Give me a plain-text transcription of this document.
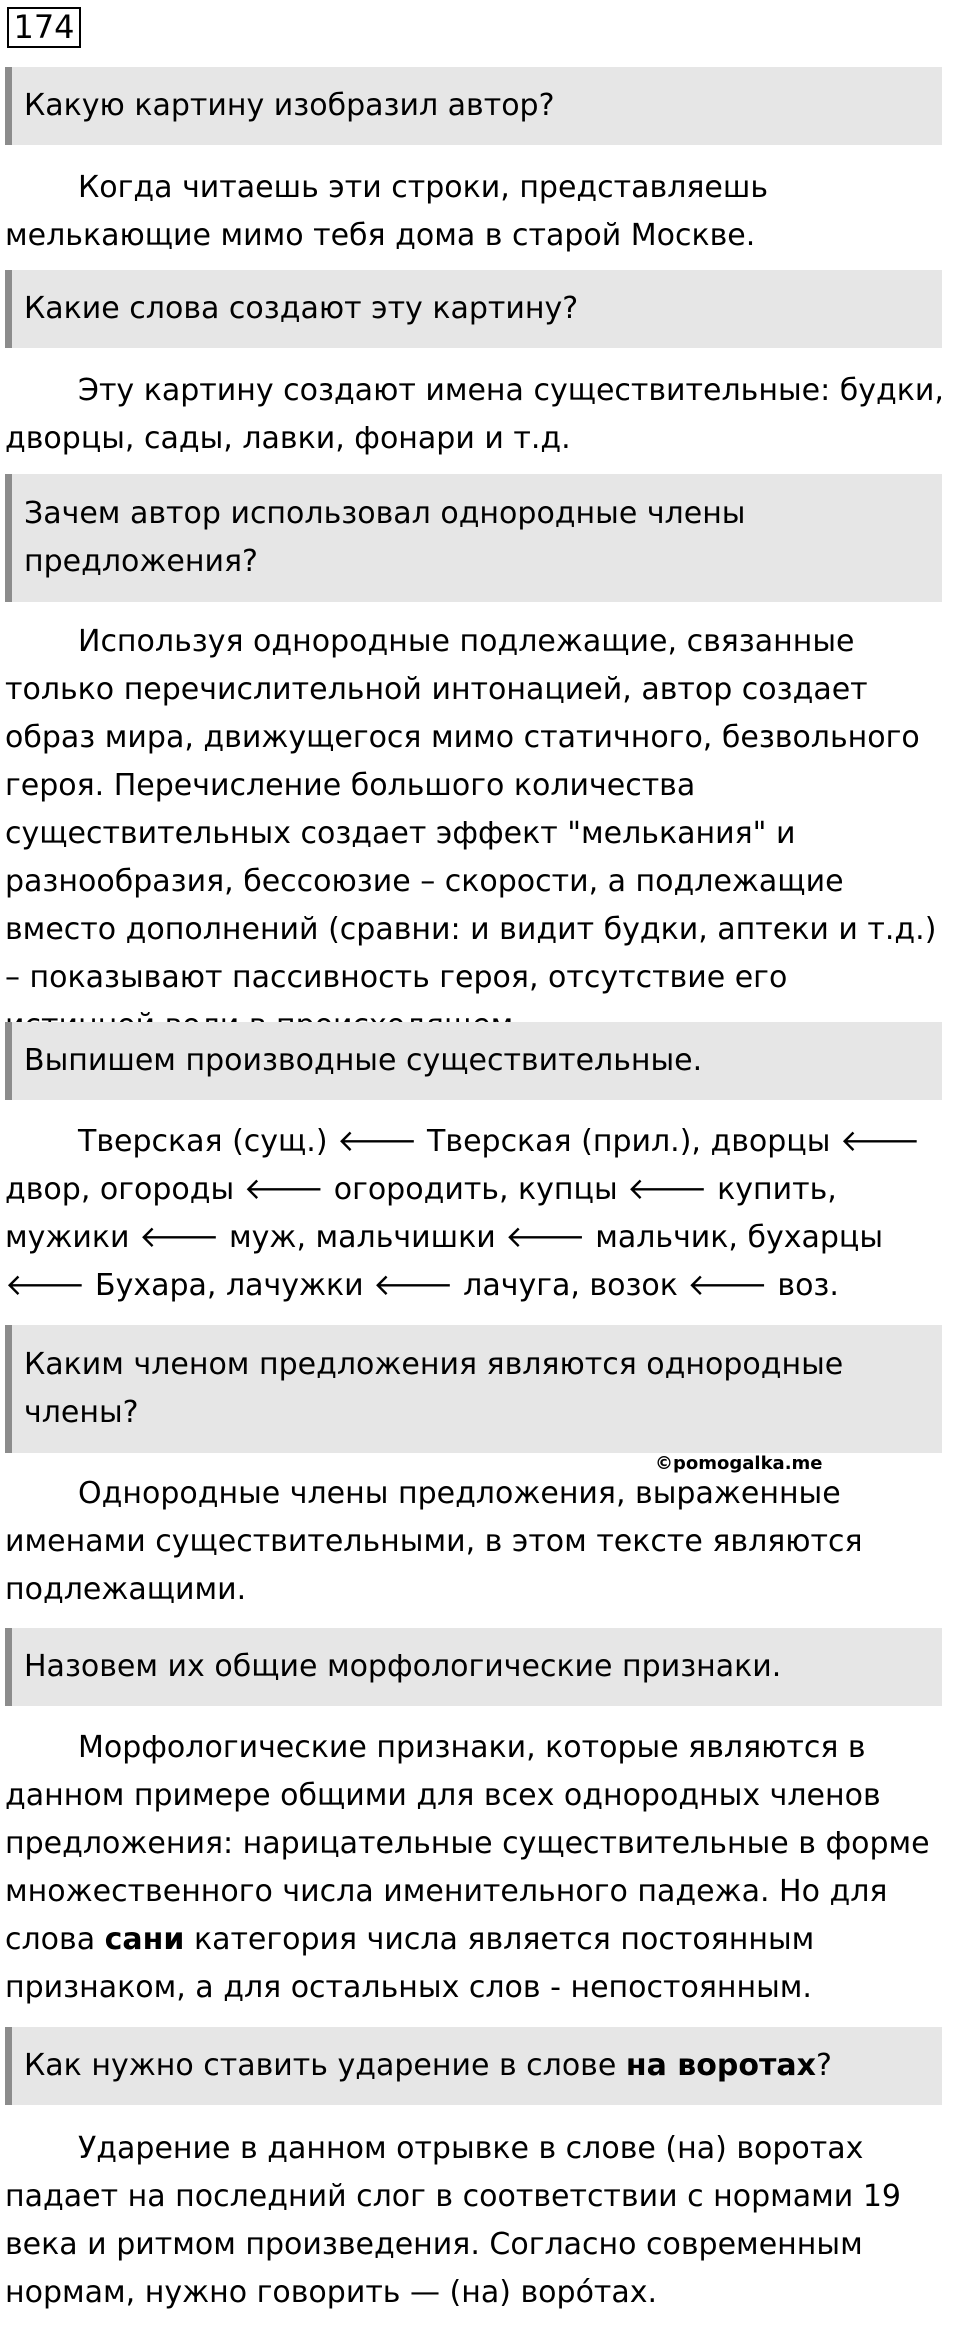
174
Какую картину изобразил автор?

Когда читаешь эти строки, представляешь мелькающие мимо тебя дома в старой Москве.

Какие слова создают эту картину?

Эту картину создают имена существительные: будки, дворцы, сады, лавки, фонари и т.д.

Зачем автор использовал однородные члены предложения?

Используя однородные подлежащие, связанные только перечислительной интонацией, автор создает образ мира, движущегося мимо статичного, безвольного героя. Перечисление большого количества существительных создает эффект "мелькания" и разнообразия, бессоюзие – скорости, а подлежащие вместо дополнений (сравни: и видит будки, аптеки и т.д.) – показывают пассивность героя, отсутствие его

Выпишем производные существительные.

Тверская (сущ.) 🡐 Тверская (прил.), дворцы 🡐 двор, огороды 🡐 огородить, купцы 🡐 купить, мужики 🡐 муж, мальчишки 🡐 мальчик, бухарцы 🡐 Бухара, лачужки 🡐 лачуга, возок 🡐 воз.

Каким членом предложения являются однородные члены?
©pomogalka.me

Однородные члены предложения, выраженные именами существительными, в этом тексте являются подлежащими.

Назовем их общие морфологические признаки.

Морфологические признаки, которые являются в данном примере общими для всех однородных членов предложения: нарицательные существительные в форме множественного числа именительного падежа. Но для слова сани категория числа является постоянным признаком, а для остальных слов - непостоянным.

Как нужно ставить ударение в слове на воротах?

Ударение в данном отрывке в слове (на) воротах падает на последний слог в соответствии с нормами 19 века и ритмом произведения. Согласно современным нормам, нужно говорить — (на) воро́тах.
